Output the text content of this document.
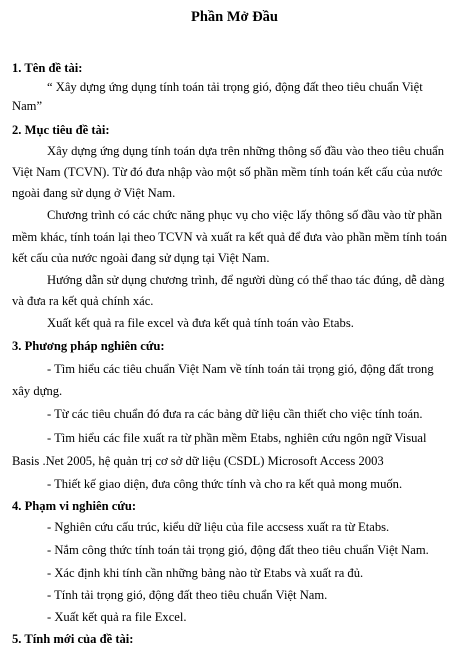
Phần Mở Đầu
1. Tên đề tài:
“ Xây dựng ứng dụng tính toán tải trọng gió, động đất theo tiêu chuẩn Việt
Nam”
2. Mục tiêu đề tài:
Xây dựng ứng dụng tính toán dựa trên những thông số đầu vào theo tiêu chuẩn
Việt Nam (TCVN). Từ đó đưa nhập vào một số phần mềm tính toán kết cấu của nước
ngoài đang sử dụng ở Việt Nam.
Chương trình có các chức năng phục vụ cho việc lấy thông số đầu vào từ phần
mềm khác, tính toán lại theo TCVN và xuất ra kết quả để đưa vào phần mềm tính toán
kết cấu của nước ngoài đang sử dụng tại Việt Nam.
Hướng dẫn sử dụng chương trình, để người dùng có thể thao tác đúng, dễ dàng
và đưa ra kết quả chính xác.
Xuất kết quả ra file excel và đưa kết quả tính toán vào Etabs.
3. Phương pháp nghiên cứu:
- Tìm hiểu các tiêu chuẩn Việt Nam về tính toán tải trọng gió, động đất trong
xây dựng.
- Từ các tiêu chuẩn đó đưa ra các bảng dữ liệu cần thiết cho việc tính toán.
- Tìm hiểu các file xuất ra từ phần mềm Etabs, nghiên cứu ngôn ngữ Visual
Basis .Net 2005, hệ quản trị cơ sở dữ liệu (CSDL) Microsoft Access 2003
- Thiết kế giao diện, đưa công thức tính và cho ra kết quả mong muốn.
4. Phạm vi nghiên cứu:
- Nghiên cứu cấu trúc, kiểu dữ liệu của file accsess xuất ra từ Etabs.
- Nắm công thức tính toán tải trọng gió, động đất theo tiêu chuẩn Việt Nam.
- Xác định khi tính cần những bảng nào từ Etabs và xuất ra đủ.
- Tính tải trọng gió, động đất theo tiêu chuẩn Việt Nam.
- Xuất kết quả ra file Excel.
5. Tính mới của đề tài:
